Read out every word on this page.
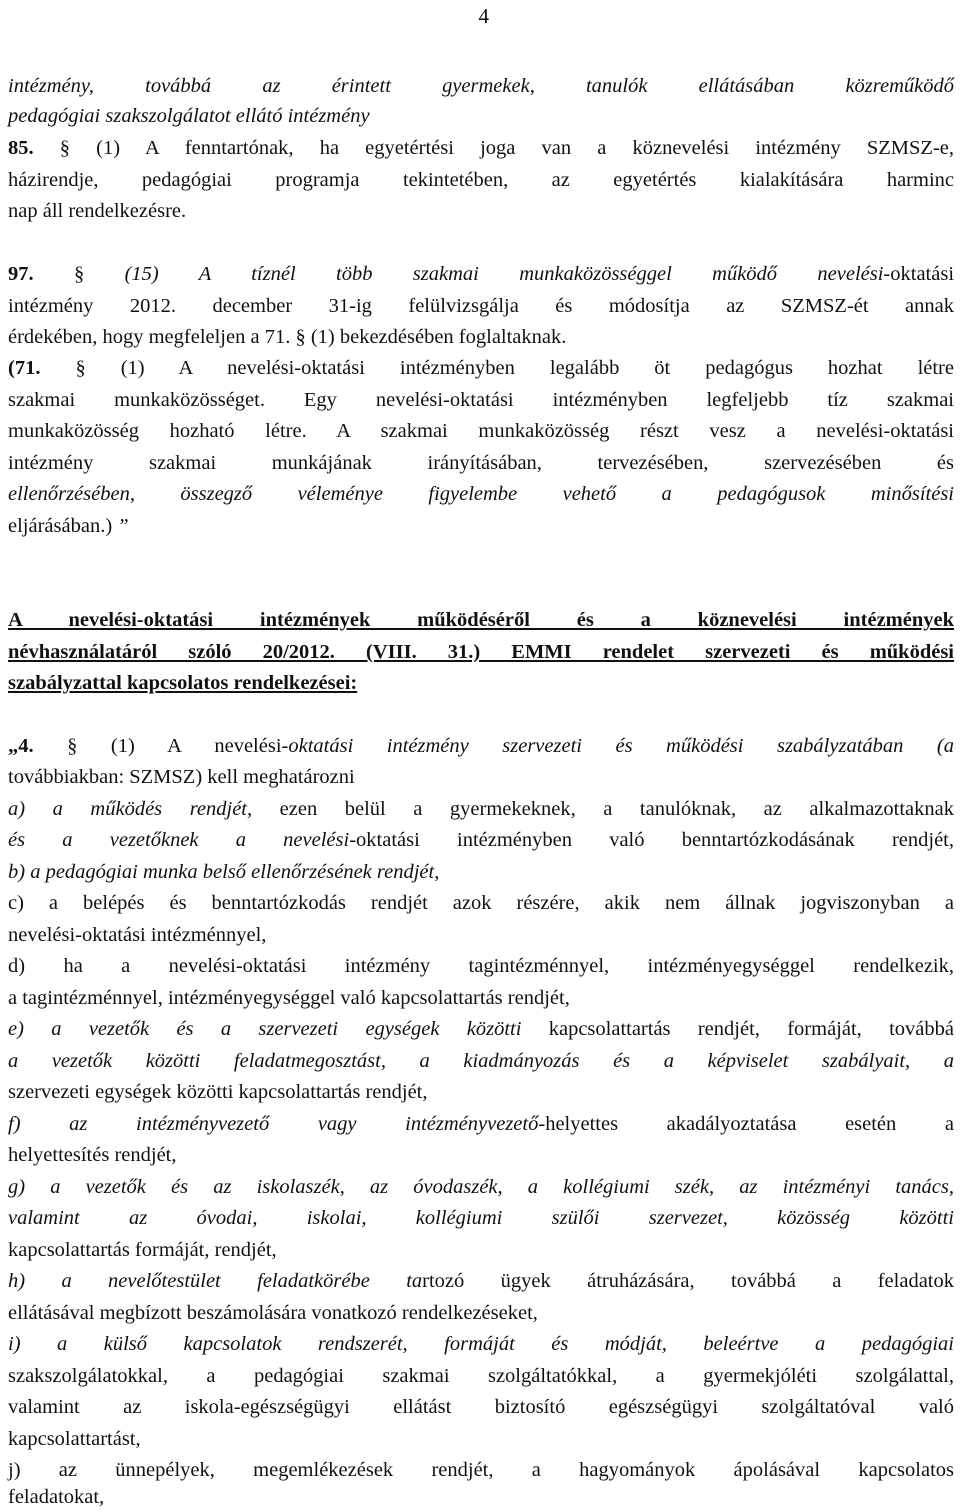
4
intézmény, továbbá az érintett gyermekek, tanulók ellátásában közreműködő
pedagógiai szakszolgálatot ellátó intézmény
85. § (1) A fenntartónak, ha egyetértési joga van a köznevelési intézmény SZMSZ-e,
házirendje, pedagógiai programja tekintetében, az egyetértés kialakítására harminc
nap áll rendelkezésre.
97. § (15) A tíznél több szakmai munkaközösséggel működő nevelési-oktatási
intézmény 2012. december 31-ig felülvizsgálja és módosítja az SZMSZ-ét annak
érdekében, hogy megfeleljen a 71. § (1) bekezdésében foglaltaknak.
(71. § (1) A nevelési-oktatási intézményben legalább öt pedagógus hozhat létre
szakmai munkaközösséget. Egy nevelési-oktatási intézményben legfeljebb tíz szakmai
munkaközösség hozható létre. A szakmai munkaközösség részt vesz a nevelési-oktatási
intézmény szakmai munkájának irányításában, tervezésében, szervezésében és
ellenőrzésében, összegző véleménye figyelembe vehető a pedagógusok minősítési
eljárásában.) ”
A nevelési-oktatási intézmények működéséről és a köznevelési intézmények
névhasználatáról szóló 20/2012. (VIII. 31.) EMMI rendelet szervezeti és működési
szabályzattal kapcsolatos rendelkezései:
„4. § (1) A nevelési-oktatási intézmény szervezeti és működési szabályzatában (a
továbbiakban: SZMSZ) kell meghatározni
a) a működés rendjét, ezen belül a gyermekeknek, a tanulóknak, az alkalmazottaknak
és a vezetőknek a nevelési-oktatási intézményben való benntartózkodásának rendjét,
b) a pedagógiai munka belső ellenőrzésének rendjét,
c) a belépés és benntartózkodás rendjét azok részére, akik nem állnak jogviszonyban a
nevelési-oktatási intézménnyel,
d) ha a nevelési-oktatási intézmény tagintézménnyel, intézményegységgel rendelkezik,
a tagintézménnyel, intézményegységgel való kapcsolattartás rendjét,
e) a vezetők és a szervezeti egységek közötti kapcsolattartás rendjét, formáját, továbbá
a vezetők közötti feladatmegosztást, a kiadmányozás és a képviselet szabályait, a
szervezeti egységek közötti kapcsolattartás rendjét,
f) az intézményvezető vagy intézményvezető-helyettes akadályoztatása esetén a
helyettesítés rendjét,
g) a vezetők és az iskolaszék, az óvodaszék, a kollégiumi szék, az intézményi tanács,
valamint az óvodai, iskolai, kollégiumi szülői szervezet, közösség közötti
kapcsolattartás formáját, rendjét,
h) a nevelőtestület feladatkörébe tartozó ügyek átruházására, továbbá a feladatok
ellátásával megbízott beszámolására vonatkozó rendelkezéseket,
i) a külső kapcsolatok rendszerét, formáját és módját, beleértve a pedagógiai
szakszolgálatokkal, a pedagógiai szakmai szolgáltatókkal, a gyermekjóléti szolgálattal,
valamint az iskola-egészségügyi ellátást biztosító egészségügyi szolgáltatóval való
kapcsolattartást,
j) az ünnepélyek, megemlékezések rendjét, a hagyományok ápolásával kapcsolatos
feladatokat,
